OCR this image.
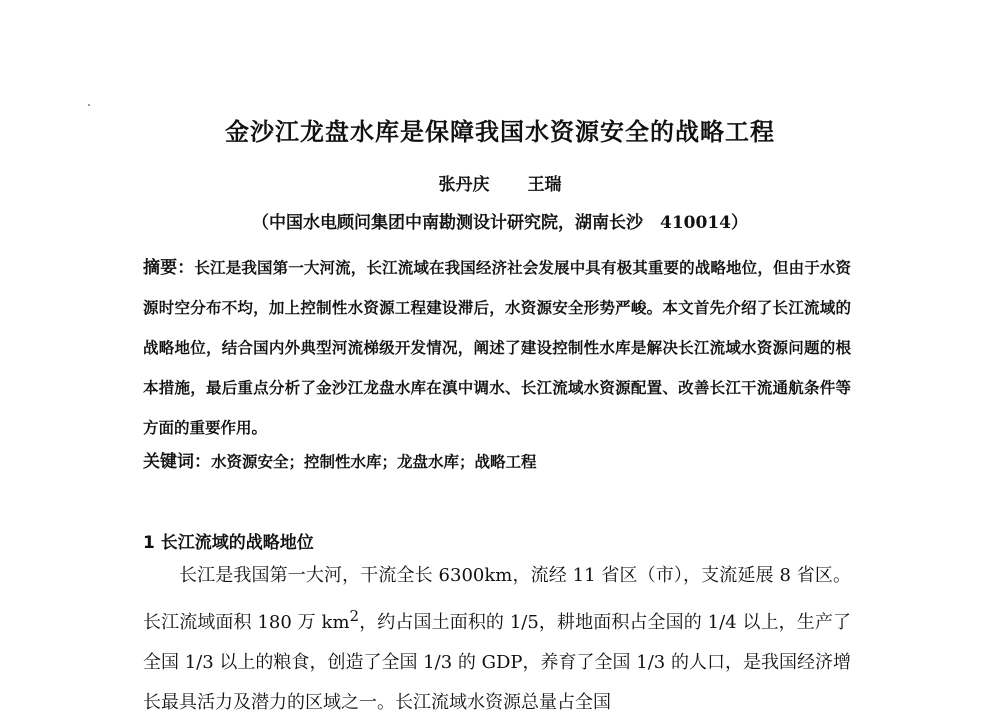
金沙江龙盘水库是保障我国水资源安全的战略工程
张丹庆 王瑞
（中国水电顾问集团中南勘测设计研究院，湖南长沙　410014）
摘要：长江是我国第一大河流，长江流域在我国经济社会发展中具有极其重要的战略地位，但由于水资源时空分布不均，加上控制性水资源工程建设滞后，水资源安全形势严峻。本文首先介绍了长江流域的战略地位，结合国内外典型河流梯级开发情况，阐述了建设控制性水库是解决长江流域水资源问题的根本措施，最后重点分析了金沙江龙盘水库在滇中调水、长江流域水资源配置、改善长江干流通航条件等方面的重要作用。
关键词：水资源安全；控制性水库；龙盘水库；战略工程
1 长江流域的战略地位
长江是我国第一大河，干流全长 6300km，流经 11 省区（市），支流延展 8 省区。长江流域面积 180 万 $km^2$，约占国土面积的 1/5，耕地面积占全国的 1/4 以上，生产了全国 1/3 以上的粮食，创造了全国 1/3 的 GDP，养育了全国 1/3 的人口，是我国经济增长最具活力及潜力的区域之一。长江流域水资源总量占全国
